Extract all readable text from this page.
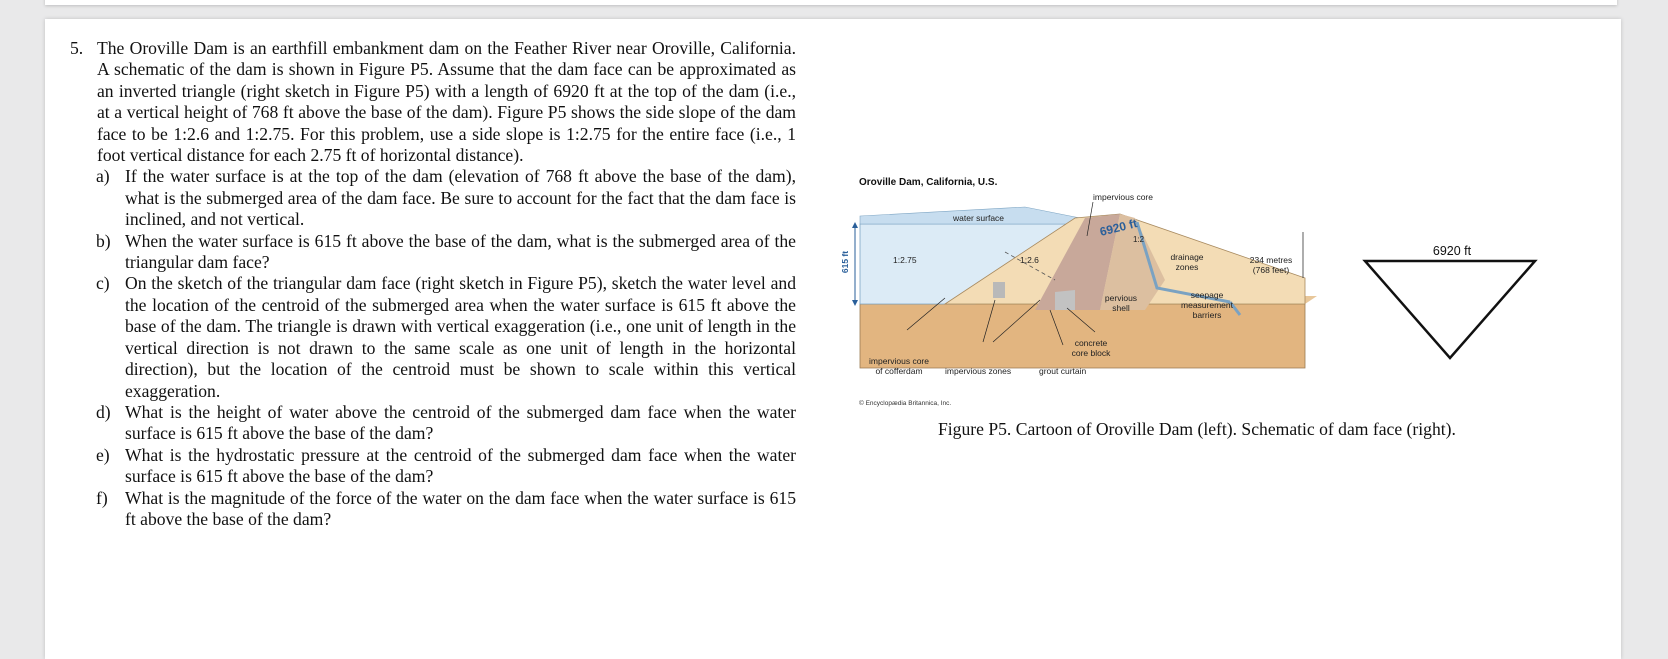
5. The Oroville Dam is an earthfill embankment dam on the Feather River near Oroville, California. A schematic of the dam is shown in Figure P5. Assume that the dam face can be approximated as an inverted triangle (right sketch in Figure P5) with a length of 6920 ft at the top of the dam (i.e., at a vertical height of 768 ft above the base of the dam). Figure P5 shows the side slope of the dam face to be 1:2.6 and 1:2.75. For this problem, use a side slope is 1:2.75 for the entire face (i.e., 1 foot vertical distance for each 2.75 ft of horizontal distance).
a) If the water surface is at the top of the dam (elevation of 768 ft above the base of the dam), what is the submerged area of the dam face. Be sure to account for the fact that the dam face is inclined, and not vertical.
b) When the water surface is 615 ft above the base of the dam, what is the submerged area of the triangular dam face?
c) On the sketch of the triangular dam face (right sketch in Figure P5), sketch the water level and the location of the centroid of the submerged area when the water surface is 615 ft above the base of the dam. The triangle is drawn with vertical exaggeration (i.e., one unit of length in the vertical direction is not drawn to the same scale as one unit of length in the horizontal direction), but the location of the centroid must be shown to scale within this vertical exaggeration.
d) What is the height of water above the centroid of the submerged dam face when the water surface is 615 ft above the base of the dam?
e) What is the hydrostatic pressure at the centroid of the submerged dam face when the water surface is 615 ft above the base of the dam?
f) What is the magnitude of the force of the water on the dam face when the water surface is 615 ft above the base of the dam?
Oroville Dam, California, U.S.
impervious core
water surface	6920 ft
1:2
615 ft	1:2.75	1:2.6	drainage
zones
234 metres
(768 feet)
pervious
shell
seepage
measurement
barriers
concrete
core block
impervious core
of cofferdam	impervious zones	grout curtain
© Encyclopædia Britannica, Inc.
6920 ft
Figure P5. Cartoon of Oroville Dam (left). Schematic of dam face (right).
